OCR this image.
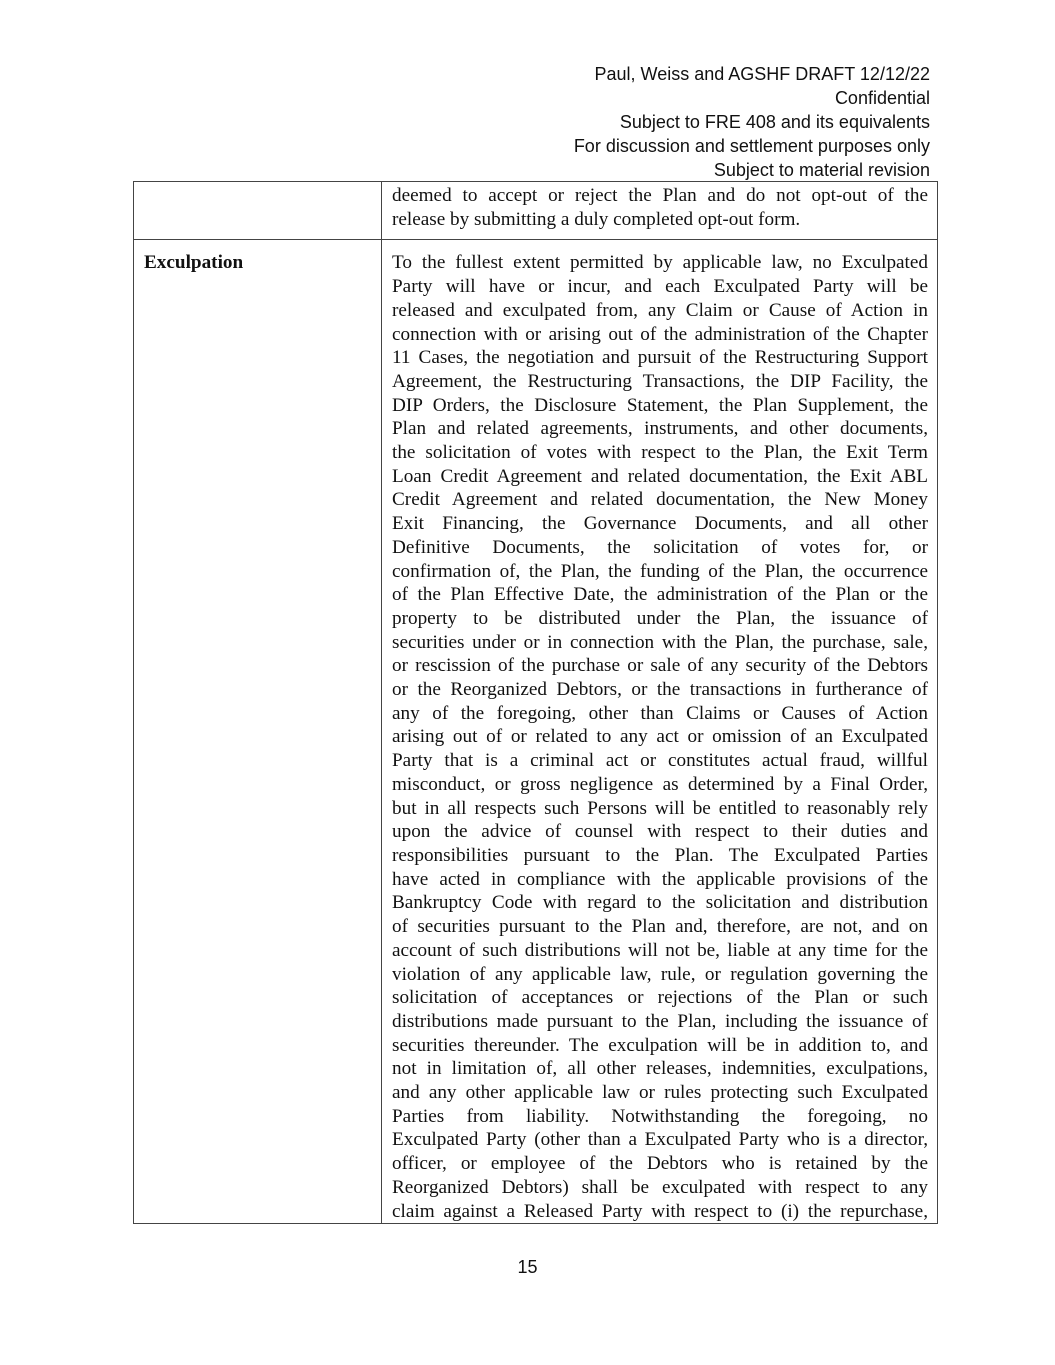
Paul, Weiss and AGSHF DRAFT 12/12/22
Confidential
Subject to FRE 408 and its equivalents
For discussion and settlement purposes only
Subject to material revision
deemed to accept or reject the Plan and do not opt-out of the
release by submitting a duly completed opt-out form.
Exculpation	To the fullest extent permitted by applicable law, no Exculpated
Party will have or incur, and each Exculpated Party will be
released and exculpated from, any Claim or Cause of Action in
connection with or arising out of the administration of the Chapter
11 Cases, the negotiation and pursuit of the Restructuring Support
Agreement, the Restructuring Transactions, the DIP Facility, the
DIP Orders, the Disclosure Statement, the Plan Supplement, the
Plan and related agreements, instruments, and other documents,
the solicitation of votes with respect to the Plan, the Exit Term
Loan Credit Agreement and related documentation, the Exit ABL
Credit Agreement and related documentation, the New Money
Exit Financing, the Governance Documents, and all other
Definitive Documents, the solicitation of votes for, or
confirmation of, the Plan, the funding of the Plan, the occurrence
of the Plan Effective Date, the administration of the Plan or the
property to be distributed under the Plan, the issuance of
securities under or in connection with the Plan, the purchase, sale,
or rescission of the purchase or sale of any security of the Debtors
or the Reorganized Debtors, or the transactions in furtherance of
any of the foregoing, other than Claims or Causes of Action
arising out of or related to any act or omission of an Exculpated
Party that is a criminal act or constitutes actual fraud, willful
misconduct, or gross negligence as determined by a Final Order,
but in all respects such Persons will be entitled to reasonably rely
upon the advice of counsel with respect to their duties and
responsibilities pursuant to the Plan. The Exculpated Parties
have acted in compliance with the applicable provisions of the
Bankruptcy Code with regard to the solicitation and distribution
of securities pursuant to the Plan and, therefore, are not, and on
account of such distributions will not be, liable at any time for the
violation of any applicable law, rule, or regulation governing the
solicitation of acceptances or rejections of the Plan or such
distributions made pursuant to the Plan, including the issuance of
securities thereunder. The exculpation will be in addition to, and
not in limitation of, all other releases, indemnities, exculpations,
and any other applicable law or rules protecting such Exculpated
Parties from liability. Notwithstanding the foregoing, no
Exculpated Party (other than a Exculpated Party who is a director,
officer, or employee of the Debtors who is retained by the
Reorganized Debtors) shall be exculpated with respect to any
claim against a Released Party with respect to (i) the repurchase,
15
